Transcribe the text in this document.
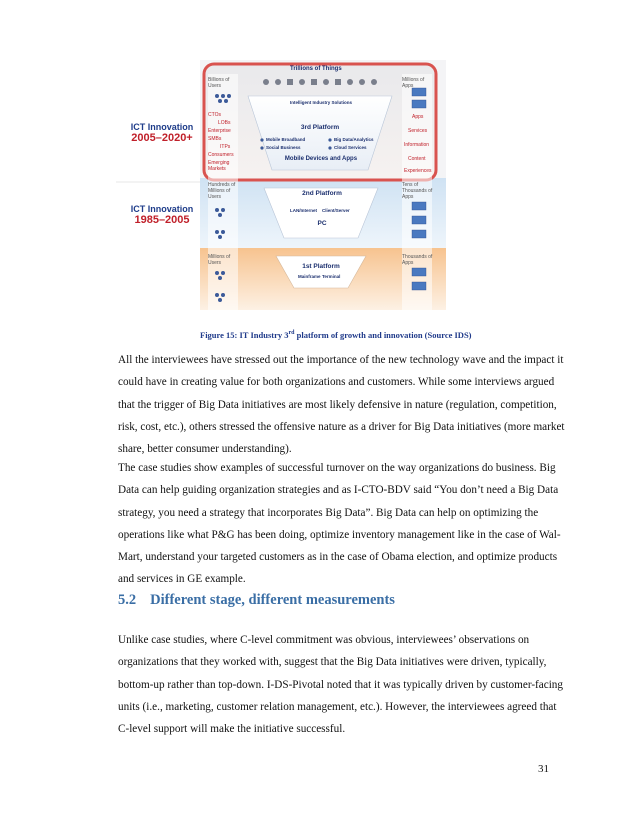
ICT Innovation
2005–2020+
ICT Innovation
1985–2005
Trillions of Things
Billions of Users
CTOs
LOBs
Enterprise
SMBs
ITPs
Consumers
Emerging Markets
Hundreds of Millions of Users
Millions of Users
Millions of Apps
Apps
Services
Information
Content
Experiences
Tens of Thousands of Apps
Thousands of Apps
Intelligent Industry Solutions
3rd Platform
Mobile Broadband	Big Data/Analytics
Social Business	Cloud Services
Mobile Devices and Apps
2nd Platform
LAN/Internet Client/Server
PC
1st Platform
Mainframe Terminal
Figure 15: IT Industry 3rd platform of growth and innovation (Source IDS)

All the interviewees have stressed out the importance of the new technology wave and the impact it

could have in creating value for both organizations and customers. While some interviews argued

that the trigger of Big Data initiatives are most likely defensive in nature (regulation, competition,

risk, cost, etc.), others stressed the offensive nature as a driver for Big Data initiatives (more market

share, better consumer understanding).

The case studies show examples of successful turnover on the way organizations do business. Big

Data can help guiding organization strategies and as I-CTO-BDV said “You don’t need a Big Data

strategy, you need a strategy that incorporates Big Data”. Big Data can help on optimizing the

operations like what P&G has been doing, optimize inventory management like in the case of Wal-

Mart, understand your targeted customers as in the case of Obama election, and optimize products

and services in GE example.

5.2 Different stage, different measurements

Unlike case studies, where C-level commitment was obvious, interviewees’ observations on

organizations that they worked with, suggest that the Big Data initiatives were driven, typically,

bottom-up rather than top-down. I-DS-Pivotal noted that it was typically driven by customer-facing

units (i.e., marketing, customer relation management, etc.). However, the interviewees agreed that

C-level support will make the initiative successful.

31
